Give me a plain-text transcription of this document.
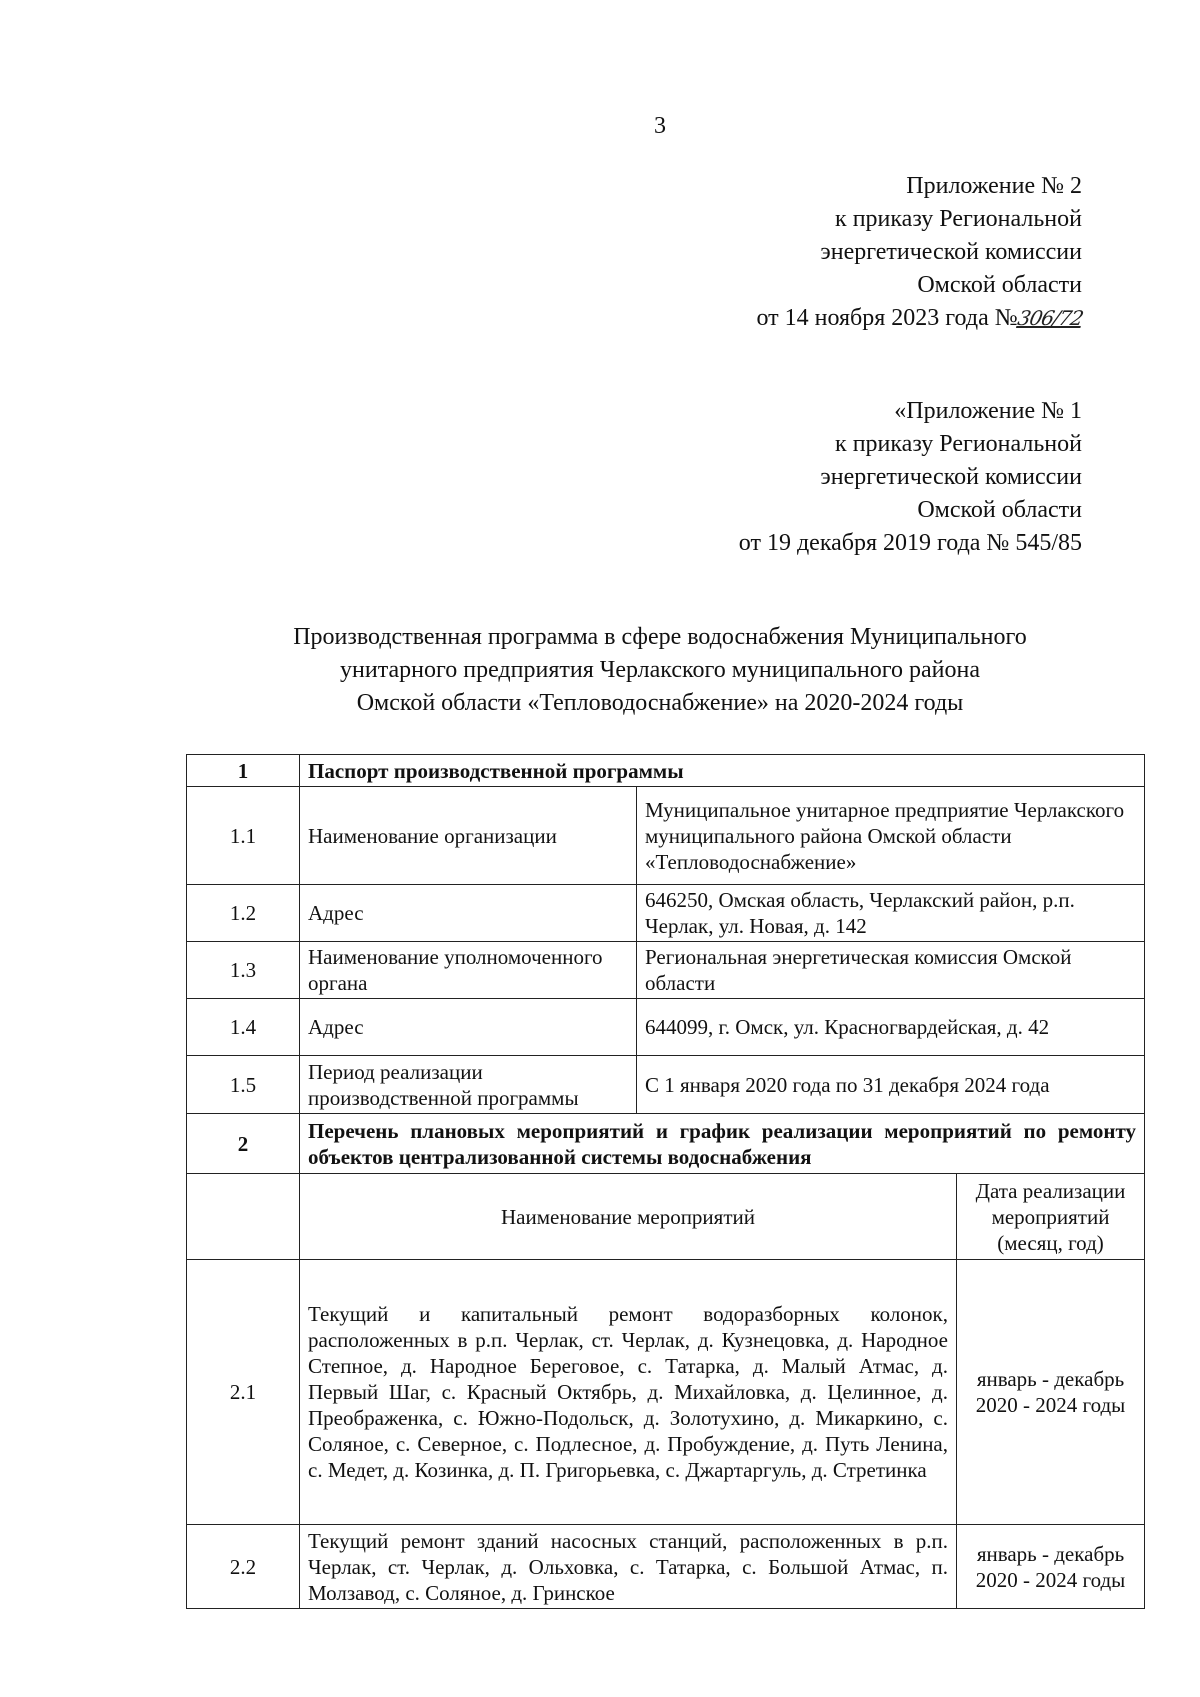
3
Приложение № 2
к приказу Региональной
энергетической комиссии
Омской области
от 14 ноября 2023 года №306/72
«Приложение № 1
к приказу Региональной
энергетической комиссии
Омской области
от 19 декабря 2019 года № 545/85
Производственная программа в сфере водоснабжения Муниципального
унитарного предприятия Черлакского муниципального района
Омской области «Тепловодоснабжение» на 2020-2024 годы
1	Паспорт производственной программы		
1.1	Наименование организации	Муниципальное унитарное предприятие Черлакского муниципального района Омской области «Тепловодоснабжение»	
1.2	Адрес	646250, Омская область, Черлакский район, р.п. Черлак, ул. Новая, д. 142	
1.3	Наименование уполномоченного органа	Региональная энергетическая комиссия Омской области	
1.4	Адрес	644099, г. Омск, ул. Красногвардейская, д. 42	
1.5	Период реализации производственной программы	С 1 января 2020 года по 31 декабря 2024 года	
2	Перечень плановых мероприятий и график реализации мероприятий по ремонту объектов централизованной системы водоснабжения		
	Наименование мероприятий		Дата реализации мероприятий (месяц, год)
2.1	Текущий и капитальный ремонт водоразборных колонок, расположенных в р.п. Черлак, ст. Черлак, д. Кузнецовка, д. Народное Степное, д. Народное Береговое, с. Татарка, д. Малый Атмас, д. Первый Шаг, с. Красный Октябрь, д. Михайловка, д. Целинное, д. Преображенка, с. Южно-Подольск, д. Золотухино, д. Микаркино, с. Соляное, с. Северное, с. Подлесное, д. Пробуждение, д. Путь Ленина, с. Медет, д. Козинка, д. П. Григорьевка, с. Джартаргуль, д. Стретинка		январь - декабрь 2020 - 2024 годы
2.2	Текущий ремонт зданий насосных станций, расположенных в р.п. Черлак, ст. Черлак, д. Ольховка, с. Татарка, с. Большой Атмас, п. Молзавод, с. Соляное, д. Гринское		январь - декабрь 2020 - 2024 годы
